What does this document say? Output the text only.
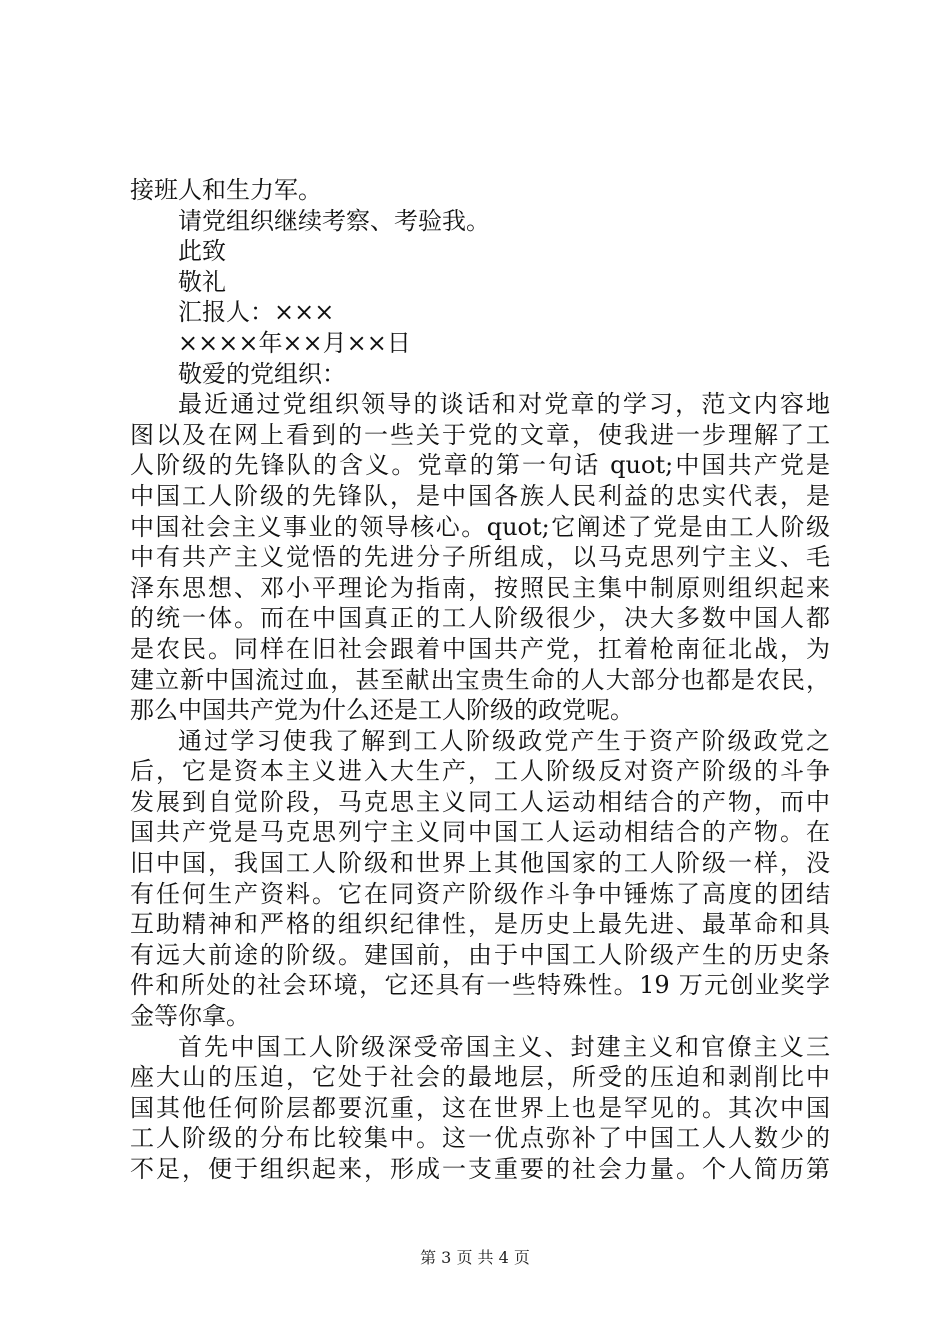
接班人和生力军。
请党组织继续考察、考验我。
此致
敬礼
汇报人：×××
××××年××月××日
敬爱的党组织：
最近通过党组织领导的谈话和对党章的学习，范文内容地
图以及在网上看到的一些关于党的文章，使我进一步理解了工
人阶级的先锋队的含义。党章的第一句话 quot;中国共产党是
中国工人阶级的先锋队，是中国各族人民利益的忠实代表，是
中国社会主义事业的领导核心。quot;它阐述了党是由工人阶级
中有共产主义觉悟的先进分子所组成，以马克思列宁主义、毛
泽东思想、邓小平理论为指南，按照民主集中制原则组织起来
的统一体。而在中国真正的工人阶级很少，决大多数中国人都
是农民。同样在旧社会跟着中国共产党，扛着枪南征北战，为
建立新中国流过血，甚至献出宝贵生命的人大部分也都是农民，
那么中国共产党为什么还是工人阶级的政党呢。
通过学习使我了解到工人阶级政党产生于资产阶级政党之
后，它是资本主义进入大生产，工人阶级反对资产阶级的斗争
发展到自觉阶段，马克思主义同工人运动相结合的产物，而中
国共产党是马克思列宁主义同中国工人运动相结合的产物。在
旧中国，我国工人阶级和世界上其他国家的工人阶级一样，没
有任何生产资料。它在同资产阶级作斗争中锤炼了高度的团结
互助精神和严格的组织纪律性，是历史上最先进、最革命和具
有远大前途的阶级。建国前，由于中国工人阶级产生的历史条
件和所处的社会环境，它还具有一些特殊性。19 万元创业奖学
金等你拿。
首先中国工人阶级深受帝国主义、封建主义和官僚主义三
座大山的压迫，它处于社会的最地层，所受的压迫和剥削比中
国其他任何阶层都要沉重，这在世界上也是罕见的。其次中国
工人阶级的分布比较集中。这一优点弥补了中国工人人数少的
不足，便于组织起来，形成一支重要的社会力量。个人简历第
第 3 页 共 4 页
